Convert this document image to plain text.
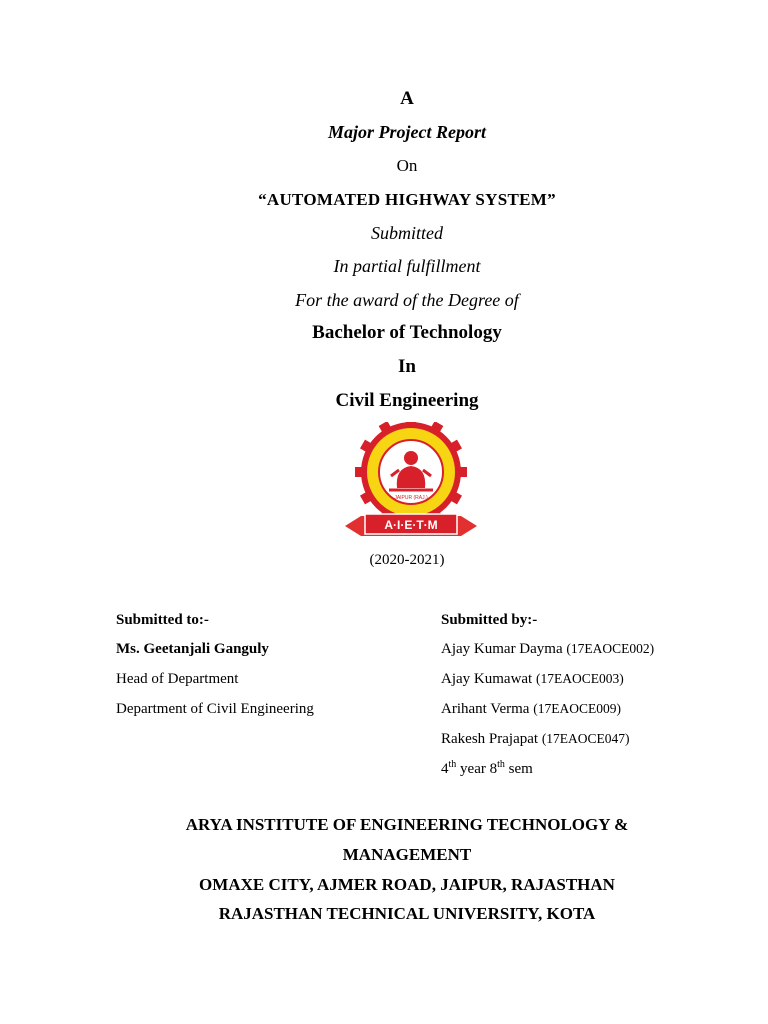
A
Major Project Report
On
“AUTOMATED HIGHWAY SYSTEM”
Submitted
In partial fulfillment
For the award of the Degree of
Bachelor of Technology
In
Civil Engineering
JAIPUR (RAJ.)
A·I·E·T·M
(2020-2021)
Submitted to:-
Ms. Geetanjali Ganguly
Head of Department
Department of Civil Engineering
Submitted by:-
Ajay Kumar Dayma (17EAOCE002)
Ajay Kumawat (17EAOCE003)
Arihant Verma (17EAOCE009)
Rakesh Prajapat (17EAOCE047)
4th year 8th sem
ARYA INSTITUTE OF ENGINEERING TECHNOLOGY &
MANAGEMENT
OMAXE CITY, AJMER ROAD, JAIPUR, RAJASTHAN
RAJASTHAN TECHNICAL UNIVERSITY, KOTA
